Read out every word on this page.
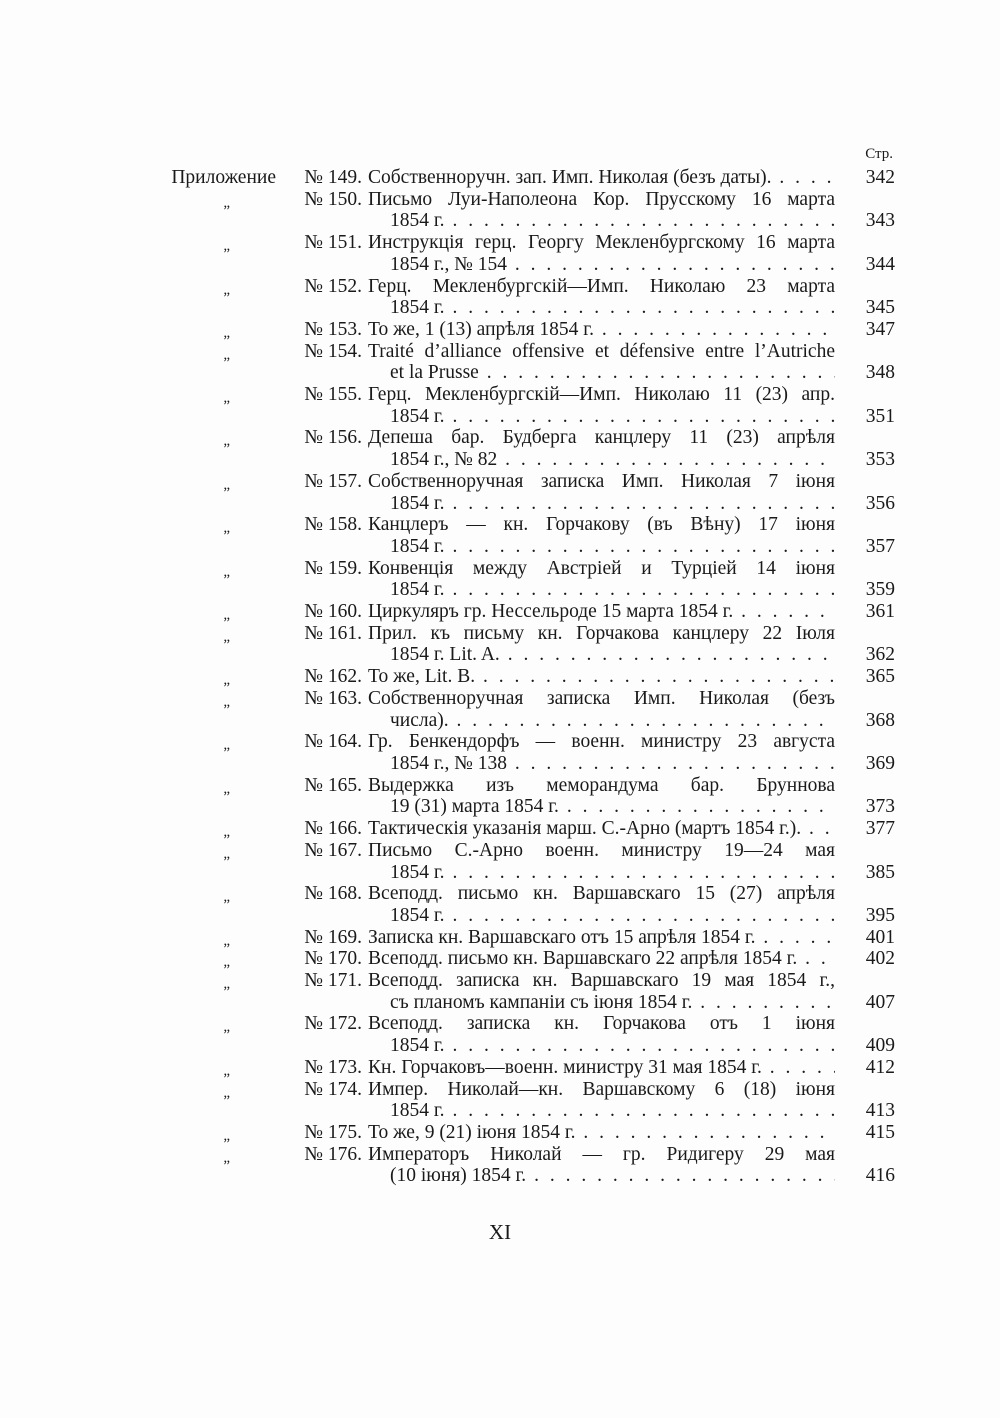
Стр.
Приложение	№ 149. Собственноручн. зап. Имп. Николая (безъ даты). . . .	342
„	№ 150. Письмо Луи-Наполеона Кор. Прусскому 16 марта
1854 г. . . .	343
„	№ 151. Инструкція герц. Георгу Мекленбургскому 16 марта
1854 г., № 154 . . .	344
„	№ 152. Герц. Мекленбургскій—Имп. Николаю 23 марта
1854 г. . . .	345
„	№ 153. То же, 1 (13) апрѣля 1854 г. . . .	347
„	№ 154. Traité d’alliance offensive et défensive entre l’Autriche
et la Prusse . . .	348
„	№ 155. Герц. Мекленбургскій—Имп. Николаю 11 (23) апр.
1854 г. . . .	351
„	№ 156. Депеша бар. Будберга канцлеру 11 (23) апрѣля
1854 г., № 82 . . .	353
„	№ 157. Собственноручная записка Имп. Николая 7 іюня
1854 г. . . .	356
„	№ 158. Канцлеръ — кн. Горчакову (въ Вѣну) 17 іюня
1854 г. . . .	357
„	№ 159. Конвенція между Австріей и Турціей 14 іюня
1854 г. . . .	359
„	№ 160. Циркуляръ гр. Нессельроде 15 марта 1854 г. . . .	361
„	№ 161. Прил. къ письму кн. Горчакова канцлеру 22 Іюля
1854 г. Lit. A. . . .	362
„	№ 162. То же, Lit. B. . . .	365
„	№ 163. Собственноручная записка Имп. Николая (безъ
числа). . . .	368
„	№ 164. Гр. Бенкендорфъ — военн. министру 23 августа
1854 г., № 138 . . .	369
„	№ 165. Выдержка изъ меморандума бар. Бруннова
19 (31) марта 1854 г. . . .	373
„	№ 166. Тактическія указанія марш. С.-Арно (мартъ 1854 г.). . . .	377
„	№ 167. Письмо С.-Арно военн. министру 19—24 мая
1854 г. . . .	385
„	№ 168. Всеподд. письмо кн. Варшавскаго 15 (27) апрѣля
1854 г. . . .	395
„	№ 169. Записка кн. Варшавскаго отъ 15 апрѣля 1854 г. . . .	401
„	№ 170. Всеподд. письмо кн. Варшавскаго 22 апрѣля 1854 г. . . .	402
„	№ 171. Всеподд. записка кн. Варшавскаго 19 мая 1854 г.,
съ планомъ кампаніи съ іюня 1854 г. . . .	407
„	№ 172. Всеподд. записка кн. Горчакова отъ 1 іюня
1854 г. . . .	409
„	№ 173. Кн. Горчаковъ—военн. министру 31 мая 1854 г. . . .	412
„	№ 174. Импер. Николай—кн. Варшавскому 6 (18) іюня
1854 г. . . .	413
„	№ 175. То же, 9 (21) іюня 1854 г. . . .	415
„	№ 176. Императоръ Николай — гр. Ридигеру 29 мая
(10 іюня) 1854 г. . . .	416
XI
